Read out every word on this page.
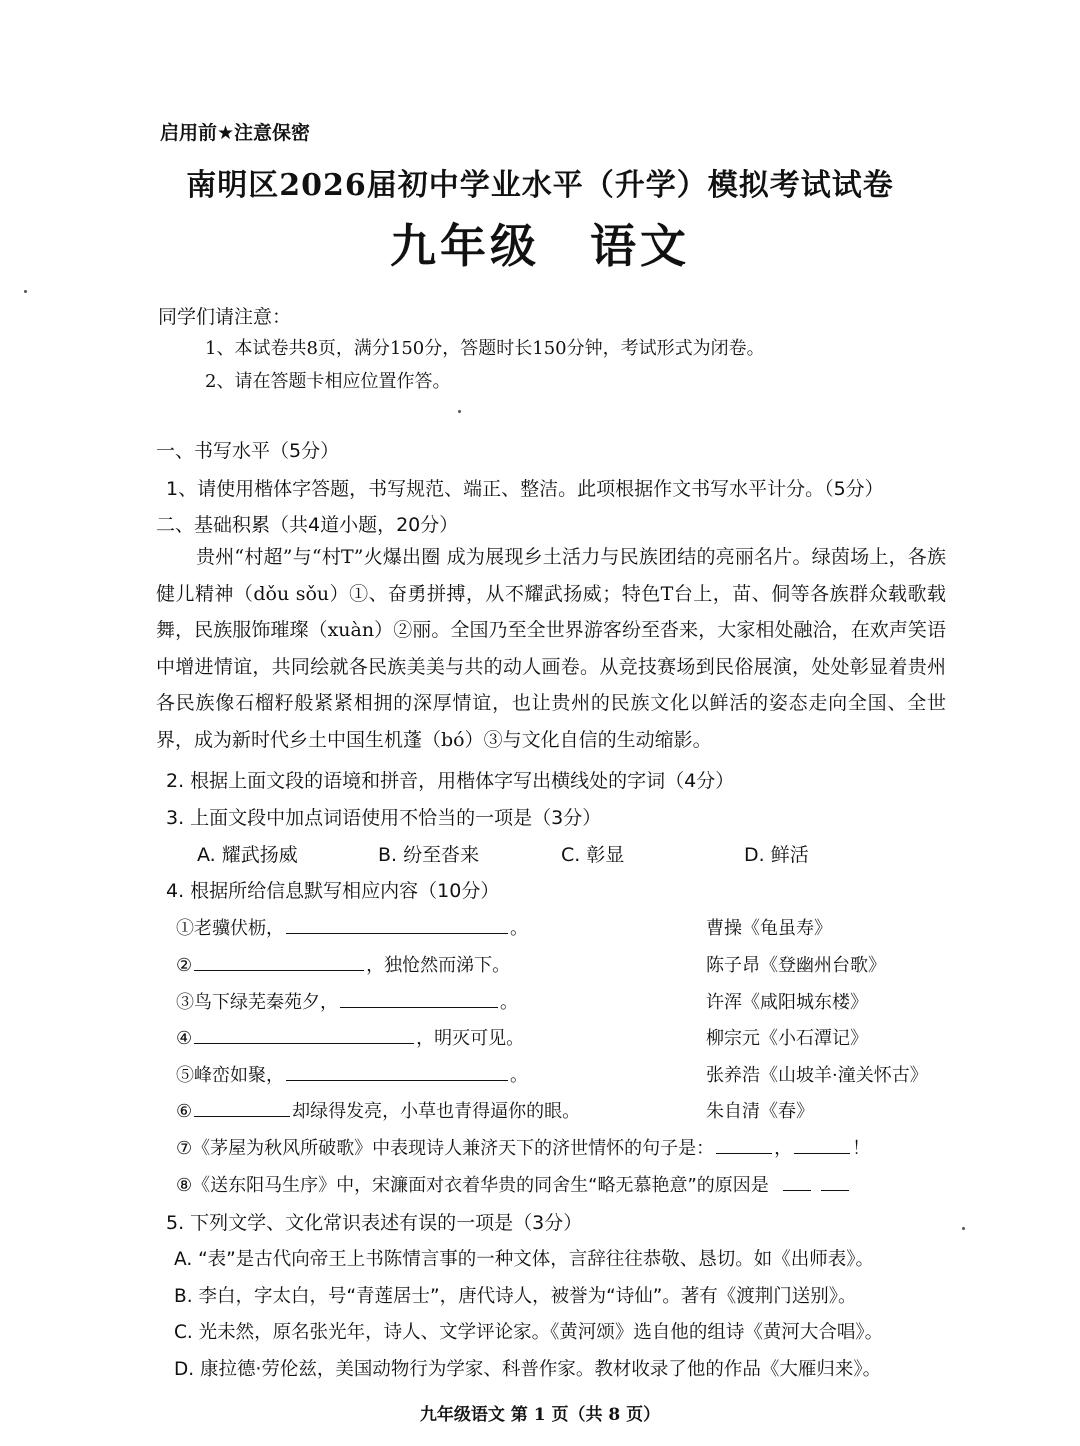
启用前★注意保密
南明区2026届初中学业水平（升学）模拟考试试卷
九年级 语文
同学们请注意：
1、本试卷共8页，满分150分，答题时长150分钟，考试形式为闭卷。
2、请在答题卡相应位置作答。
一、书写水平（5分）
1、请使用楷体字答题，书写规范、端正、整洁。此项根据作文书写水平计分。（5分）
二、基础积累（共4道小题，20分）
贵州“村超”与“村T”火爆出圈 成为展现乡土活力与民族团结的亮丽名片。绿茵场上，各族健儿精神（dǒu sǒu）①、奋勇拼搏，从不耀武扬威；特色T台上，苗、侗等各族群众载歌载舞，民族服饰璀璨（xuàn）②丽。全国乃至全世界游客纷至沓来，大家相处融洽，在欢声笑语中增进情谊，共同绘就各民族美美与共的动人画卷。从竞技赛场到民俗展演，处处彰显着贵州各民族像石榴籽般紧紧相拥的深厚情谊，也让贵州的民族文化以鲜活的姿态走向全国、全世界，成为新时代乡土中国生机蓬（bó）③与文化自信的生动缩影。
2. 根据上面文段的语境和拼音，用楷体字写出横线处的字词（4分）
3. 上面文段中加点词语使用不恰当的一项是（3分）
A. 耀武扬威	B. 纷至沓来	C. 彰显	D. 鲜活
4. 根据所给信息默写相应内容（10分）
①老骥伏枥，	。	曹操《龟虽寿》
②	，独怆然而涕下。	陈子昂《登幽州台歌》
③鸟下绿芜秦苑夕，	。	许浑《咸阳城东楼》
④	，明灭可见。	柳宗元《小石潭记》
⑤峰峦如聚，	。	张养浩《山坡羊·潼关怀古》
⑥	却绿得发亮，小草也青得逼你的眼。	朱自清《春》
⑦《茅屋为秋风所破歌》中表现诗人兼济天下的济世情怀的句子是：	，	！
⑧《送东阳马生序》中，宋濂面对衣着华贵的同舍生“略无慕艳意”的原因是
5. 下列文学、文化常识表述有误的一项是（3分）
A. “表”是古代向帝王上书陈情言事的一种文体，言辞往往恭敬、恳切。如《出师表》。
B. 李白，字太白，号“青莲居士”，唐代诗人，被誉为“诗仙”。著有《渡荆门送别》。
C. 光未然，原名张光年，诗人、文学评论家。《黄河颂》选自他的组诗《黄河大合唱》。
D. 康拉德·劳伦兹，美国动物行为学家、科普作家。教材收录了他的作品《大雁归来》。
九年级语文 第 1 页（共 8 页）
